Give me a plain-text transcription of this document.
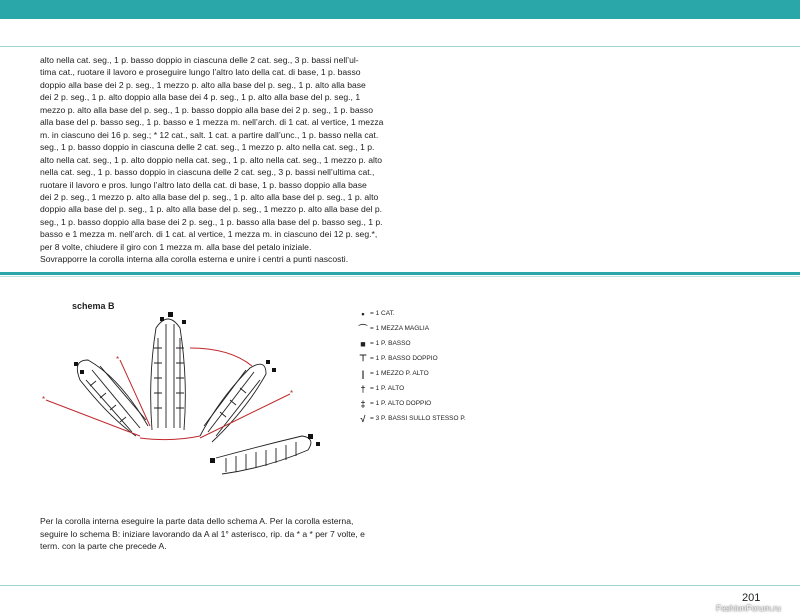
alto nella cat. seg., 1 p. basso doppio in ciascuna delle 2 cat. seg., 3 p. bassi nell’ul-
tima cat., ruotare il lavoro e proseguire lungo l’altro lato della cat. di base, 1 p. basso
doppio alla base dei 2 p. seg., 1 mezzo p. alto alla base del p. seg., 1 p. alto alla base
dei 2 p. seg., 1 p. alto doppio alla base dei 4 p. seg., 1 p. alto alla base del p. seg., 1
mezzo p. alto alla base del p. seg., 1 p. basso doppio alla base dei 2 p. seg., 1 p. basso
alla base del p. basso seg., 1 p. basso e 1 mezza m. nell’arch. di 1 cat. al vertice, 1 mezza
m. in ciascuno dei 16 p. seg.; * 12 cat., salt. 1 cat. a partire dall’unc., 1 p. basso nella cat.
seg., 1 p. basso doppio in ciascuna delle 2 cat. seg., 1 mezzo p. alto nella cat. seg., 1 p.
alto nella cat. seg., 1 p. alto doppio nella cat. seg., 1 p. alto nella cat. seg., 1 mezzo p. alto
nella cat. seg., 1 p. basso doppio in ciascuna delle 2 cat. seg., 3 p. bassi nell’ultima cat.,
ruotare il lavoro e pros. lungo l’altro lato della cat. di base, 1 p. basso doppio alla base
dei 2 p. seg., 1 mezzo p. alto alla base del p. seg., 1 p. alto alla base del p. seg., 1 p. alto
doppio alla base del p. seg., 1 p. alto alla base del p. seg., 1 mezzo p. alto alla base del p.
seg., 1 p. basso doppio alla base dei 2 p. seg., 1 p. basso alla base del p. basso seg., 1 p.
basso e 1 mezza m. nell’arch. di 1 cat. al vertice, 1 mezza m. in ciascuno dei 12 p. seg.*,
per 8 volte, chiudere il giro con 1 mezza m. alla base del petalo iniziale.
Sovrapporre la corolla interna alla corolla esterna e unire i centri a punti nascosti.
schema B
*
*
*
• = 1 CAT.
⌒ = 1 MEZZA MAGLIA
■ = 1 P. BASSO
⊤ = 1 P. BASSO DOPPIO
| = 1 MEZZO P. ALTO
† = 1 P. ALTO
‡ = 1 P. ALTO DOPPIO
√ = 3 P. BASSI SULLO STESSO P.
Per la corolla interna eseguire la parte data dello schema A. Per la corolla esterna,
seguire lo schema B: iniziare lavorando da A al 1° asterisco, rip. da * a * per 7 volte, e
term. con la parte che precede A.
201
FashionForum.ru
